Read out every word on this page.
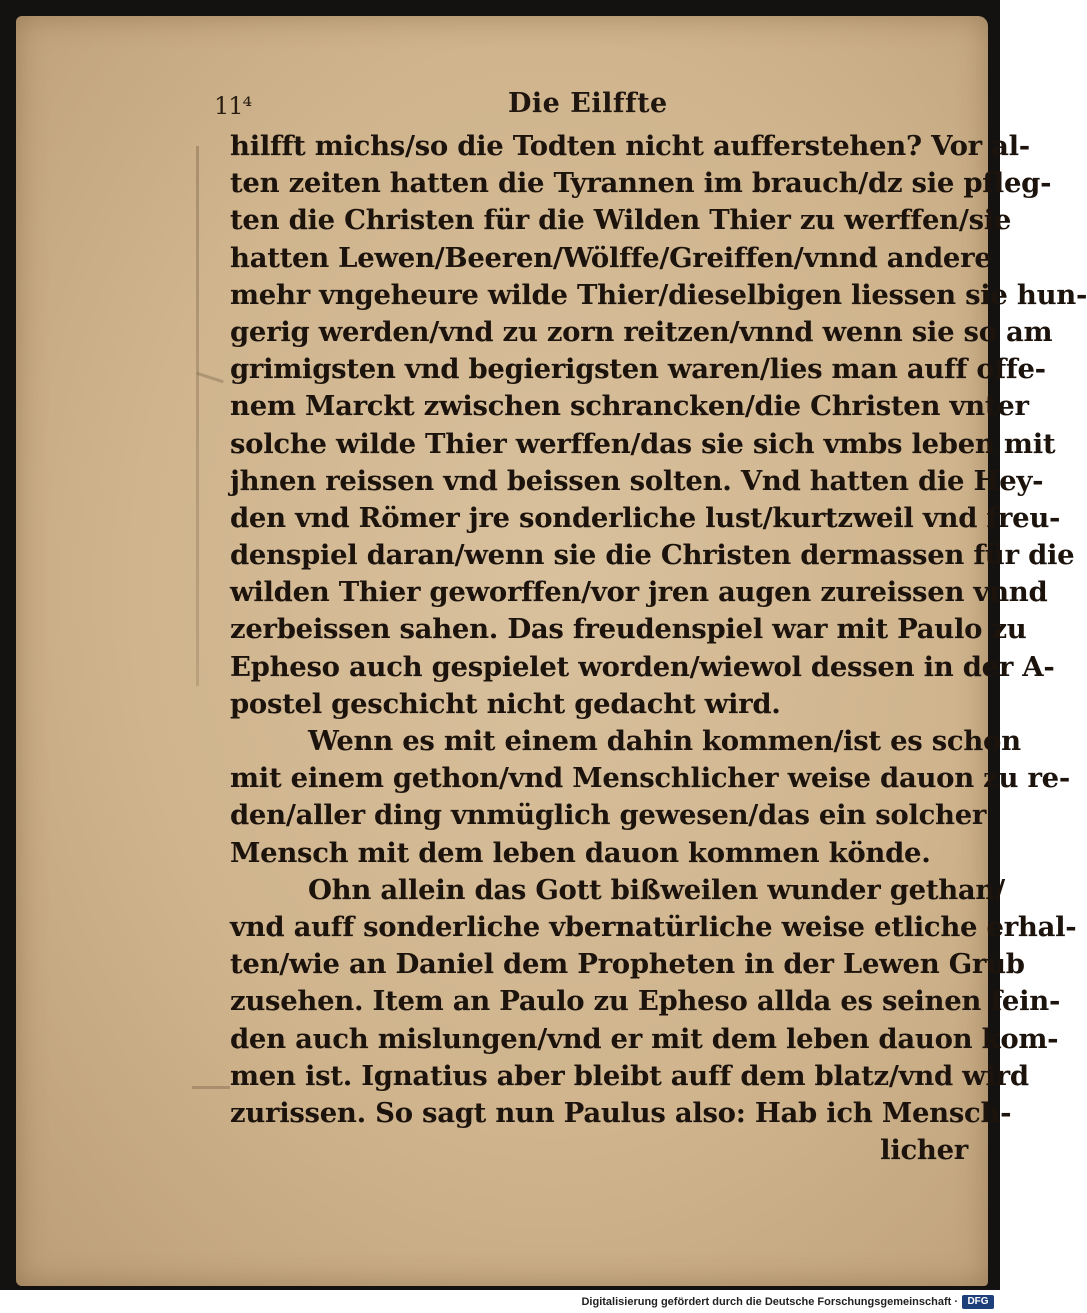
11⁴	Die Eilffte
hilfft michs/so die Todten nicht aufferstehen? Vor al-
ten zeiten hatten die Tyrannen im brauch/dz sie pfleg-
ten die Christen für die Wilden Thier zu werffen/sie
hatten Lewen/Beeren/Wölffe/Greiffen/vnnd andere
mehr vngeheure wilde Thier/dieselbigen liessen sie hun-
gerig werden/vnd zu zorn reitzen/vnnd wenn sie so am
grimigsten vnd begierigsten waren/lies man auff offe-
nem Marckt zwischen schrancken/die Christen vnter
solche wilde Thier werffen/das sie sich vmbs leben mit
jhnen reissen vnd beissen solten. Vnd hatten die Hey-
den vnd Römer jre sonderliche lust/kurtzweil vnd freu-
denspiel daran/wenn sie die Christen dermassen für die
wilden Thier geworffen/vor jren augen zureissen vnnd
zerbeissen sahen. Das freudenspiel war mit Paulo zu
Epheso auch gespielet worden/wiewol dessen in der A-
postel geschicht nicht gedacht wird.
Wenn es mit einem dahin kommen/ist es schon
mit einem gethon/vnd Menschlicher weise dauon zu re-
den/aller ding vnmüglich gewesen/das ein solcher
Mensch mit dem leben dauon kommen könde.
Ohn allein das Gott bißweilen wunder gethan/
vnd auff sonderliche vbernatürliche weise etliche erhal-
ten/wie an Daniel dem Propheten in der Lewen Grub
zusehen. Item an Paulo zu Epheso allda es seinen fein-
den auch mislungen/vnd er mit dem leben dauon kom-
men ist. Ignatius aber bleibt auff dem blatz/vnd wird
zurissen. So sagt nun Paulus also: Hab ich Mensch-
licher
Digitalisierung gefördert durch die Deutsche Forschungsgemeinschaft · DFG
